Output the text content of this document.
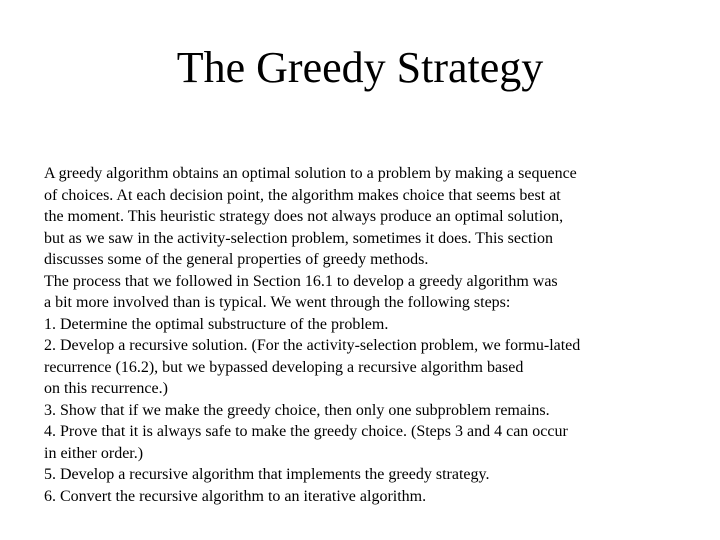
The Greedy Strategy
A greedy algorithm obtains an optimal solution to a problem by making a sequence
of choices. At each decision point, the algorithm makes choice that seems best at
the moment. This heuristic strategy does not always produce an optimal solution,
but as we saw in the activity-selection problem, sometimes it does. This section
discusses some of the general properties of greedy methods.
The process that we followed in Section 16.1 to develop a greedy algorithm was
a bit more involved than is typical. We went through the following steps:
1. Determine the optimal substructure of the problem.
2. Develop a recursive solution. (For the activity-selection problem, we formu-lated
recurrence (16.2), but we bypassed developing a recursive algorithm based
on this recurrence.)
3. Show that if we make the greedy choice, then only one subproblem remains.
4. Prove that it is always safe to make the greedy choice. (Steps 3 and 4 can occur
in either order.)
5. Develop a recursive algorithm that implements the greedy strategy.
6. Convert the recursive algorithm to an iterative algorithm.
